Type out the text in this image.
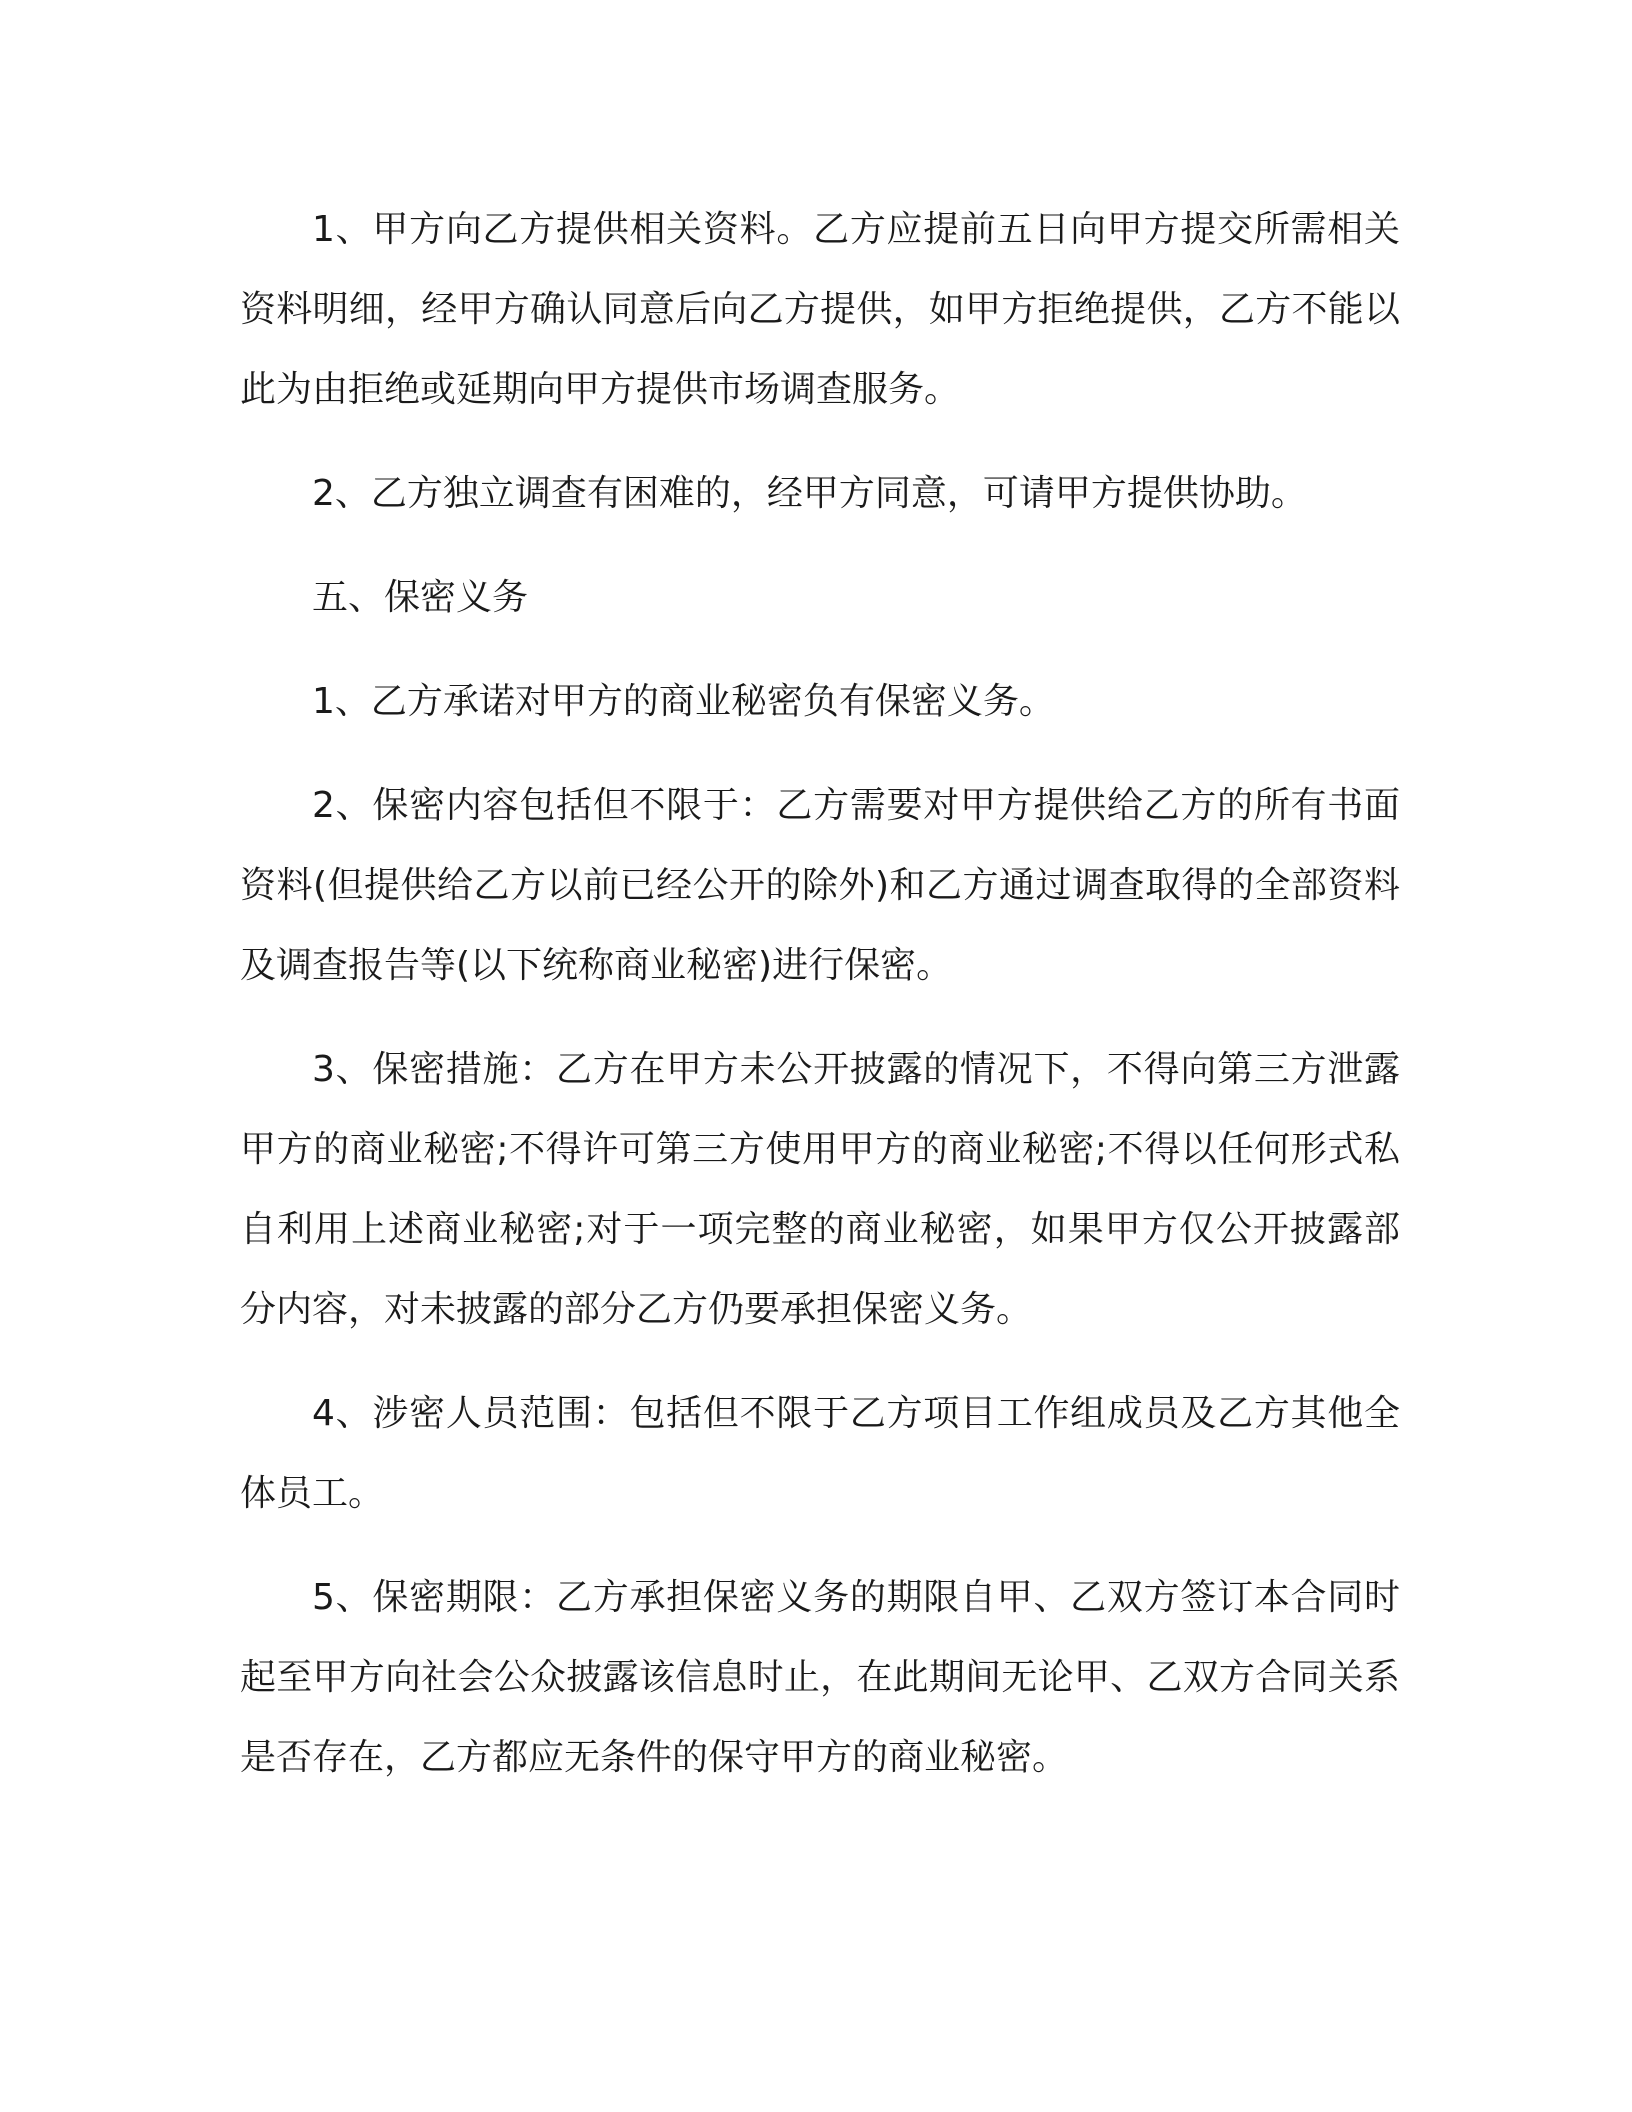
1、甲方向乙方提供相关资料。乙方应提前五日向甲方提交所需相关资料明细，经甲方确认同意后向乙方提供，如甲方拒绝提供，乙方不能以此为由拒绝或延期向甲方提供市场调查服务。

2、乙方独立调查有困难的，经甲方同意，可请甲方提供协助。

五、保密义务

1、乙方承诺对甲方的商业秘密负有保密义务。

2、保密内容包括但不限于：乙方需要对甲方提供给乙方的所有书面资料(但提供给乙方以前已经公开的除外)和乙方通过调查取得的全部资料及调查报告等(以下统称商业秘密)进行保密。

3、保密措施：乙方在甲方未公开披露的情况下，不得向第三方泄露甲方的商业秘密;不得许可第三方使用甲方的商业秘密;不得以任何形式私自利用上述商业秘密;对于一项完整的商业秘密，如果甲方仅公开披露部分内容，对未披露的部分乙方仍要承担保密义务。

4、涉密人员范围：包括但不限于乙方项目工作组成员及乙方其他全体员工。

5、保密期限：乙方承担保密义务的期限自甲、乙双方签订本合同时起至甲方向社会公众披露该信息时止，在此期间无论甲、乙双方合同关系是否存在，乙方都应无条件的保守甲方的商业秘密。
